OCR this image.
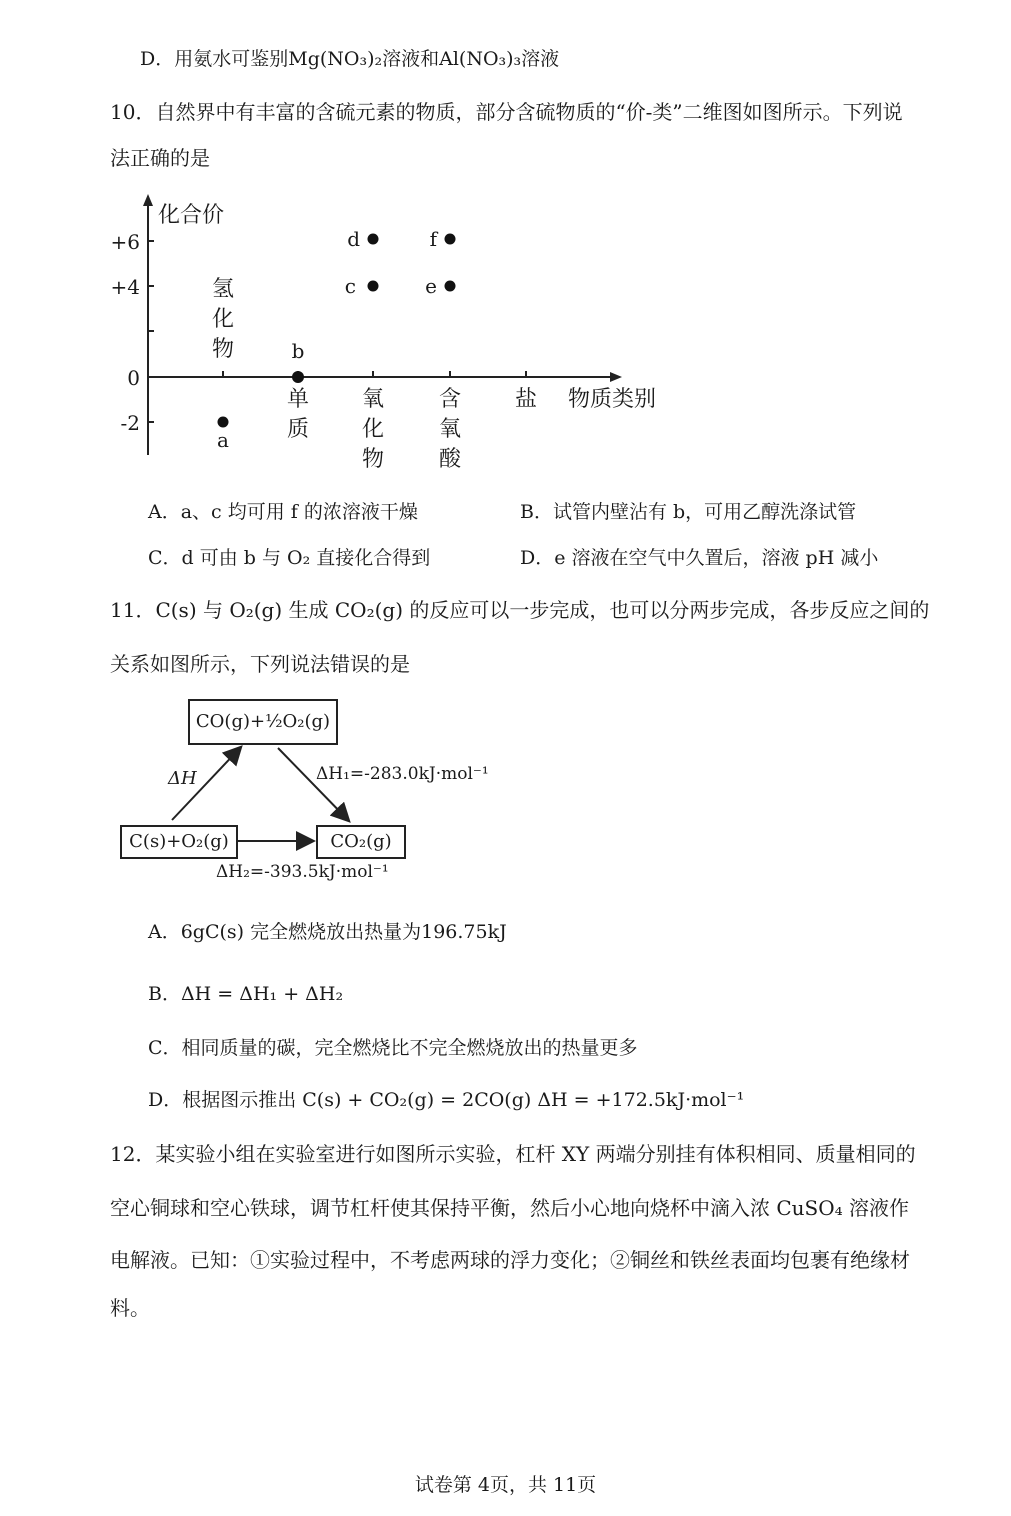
D．用氨水可鉴别Mg(NO₃)₂溶液和Al(NO₃)₃溶液
10．自然界中有丰富的含硫元素的物质，部分含硫物质的“价-类”二维图如图所示。下列说
法正确的是
化合价
物质类别
+6
+4
0
-2
氢
化
物
单
质
氧
化
物
含
氧
酸
盐
a
b
c
d
e
f
A．a、c 均可用 f 的浓溶液干燥	B．试管内壁沾有 b，可用乙醇洗涤试管
C．d 可由 b 与 O₂ 直接化合得到	D．e 溶液在空气中久置后，溶液 pH 减小
11．C(s) 与 O₂(g) 生成 CO₂(g) 的反应可以一步完成，也可以分两步完成，各步反应之间的
关系如图所示，下列说法错误的是
CO(g)+½O₂(g)
C(s)+O₂(g)	CO₂(g)
ΔH	ΔH₁=-283.0kJ·mol⁻¹
ΔH₂=-393.5kJ·mol⁻¹
A．6gC(s) 完全燃烧放出热量为196.75kJ
B．ΔH = ΔH₁ + ΔH₂
C．相同质量的碳，完全燃烧比不完全燃烧放出的热量更多
D．根据图示推出 C(s) + CO₂(g) = 2CO(g) ΔH = +172.5kJ·mol⁻¹
12．某实验小组在实验室进行如图所示实验，杠杆 XY 两端分别挂有体积相同、质量相同的
空心铜球和空心铁球，调节杠杆使其保持平衡，然后小心地向烧杯中滴入浓 CuSO₄ 溶液作
电解液。已知：①实验过程中，不考虑两球的浮力变化；②铜丝和铁丝表面均包裹有绝缘材
料。
试卷第 4页，共 11页
